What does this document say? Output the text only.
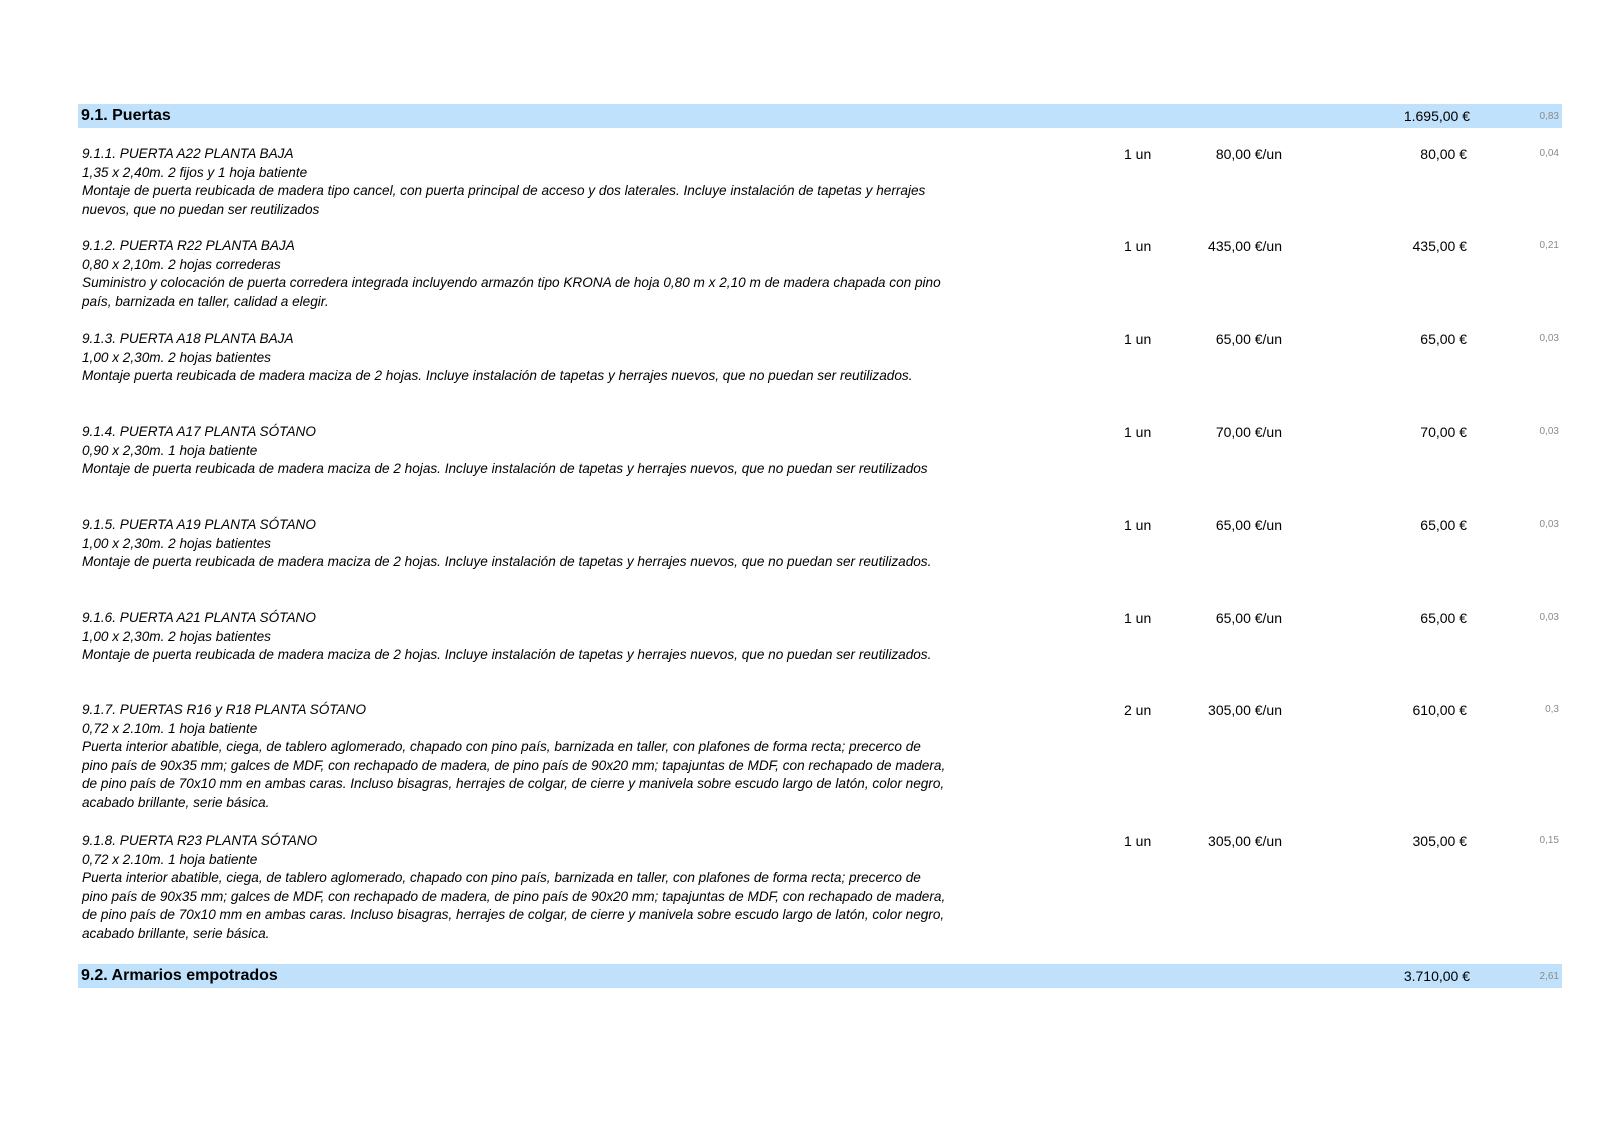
9.1. Puertas	1.695,00 €	0,83
9.1.1. PUERTA A22 PLANTA BAJA
1,35 x 2,40m. 2 fijos y 1 hoja batiente
Montaje de puerta reubicada de madera tipo cancel, con puerta principal de acceso y dos laterales. Incluye instalación de tapetas y herrajes
nuevos, que no puedan ser reutilizados
1 un	80,00 €/un	80,00 €	0,04
9.1.2. PUERTA R22 PLANTA BAJA
0,80 x 2,10m. 2 hojas correderas
Suministro y colocación de puerta corredera integrada incluyendo armazón tipo KRONA de hoja 0,80 m x 2,10 m de madera chapada con pino
país, barnizada en taller, calidad a elegir.
1 un	435,00 €/un	435,00 €	0,21
9.1.3. PUERTA A18 PLANTA BAJA
1,00 x 2,30m. 2 hojas batientes
Montaje puerta reubicada de madera maciza de 2 hojas. Incluye instalación de tapetas y herrajes nuevos, que no puedan ser reutilizados.
1 un	65,00 €/un	65,00 €	0,03
9.1.4. PUERTA A17 PLANTA SÓTANO
0,90 x 2,30m. 1 hoja batiente
Montaje de puerta reubicada de madera maciza de 2 hojas. Incluye instalación de tapetas y herrajes nuevos, que no puedan ser reutilizados
1 un	70,00 €/un	70,00 €	0,03
9.1.5. PUERTA A19 PLANTA SÓTANO
1,00 x 2,30m. 2 hojas batientes
Montaje de puerta reubicada de madera maciza de 2 hojas. Incluye instalación de tapetas y herrajes nuevos, que no puedan ser reutilizados.
1 un	65,00 €/un	65,00 €	0,03
9.1.6. PUERTA A21 PLANTA SÓTANO
1,00 x 2,30m. 2 hojas batientes
Montaje de puerta reubicada de madera maciza de 2 hojas. Incluye instalación de tapetas y herrajes nuevos, que no puedan ser reutilizados.
1 un	65,00 €/un	65,00 €	0,03
9.1.7. PUERTAS R16 y R18 PLANTA SÓTANO
0,72 x 2.10m. 1 hoja batiente
Puerta interior abatible, ciega, de tablero aglomerado, chapado con pino país, barnizada en taller, con plafones de forma recta; precerco de
pino país de 90x35 mm; galces de MDF, con rechapado de madera, de pino país de 90x20 mm; tapajuntas de MDF, con rechapado de madera,
de pino país de 70x10 mm en ambas caras. Incluso bisagras, herrajes de colgar, de cierre y manivela sobre escudo largo de latón, color negro,
acabado brillante, serie básica.
2 un	305,00 €/un	610,00 €	0,3
9.1.8. PUERTA R23 PLANTA SÓTANO
0,72 x 2.10m. 1 hoja batiente
Puerta interior abatible, ciega, de tablero aglomerado, chapado con pino país, barnizada en taller, con plafones de forma recta; precerco de
pino país de 90x35 mm; galces de MDF, con rechapado de madera, de pino país de 90x20 mm; tapajuntas de MDF, con rechapado de madera,
de pino país de 70x10 mm en ambas caras. Incluso bisagras, herrajes de colgar, de cierre y manivela sobre escudo largo de latón, color negro,
acabado brillante, serie básica.
1 un	305,00 €/un	305,00 €	0,15
9.2. Armarios empotrados	3.710,00 €	2,61
